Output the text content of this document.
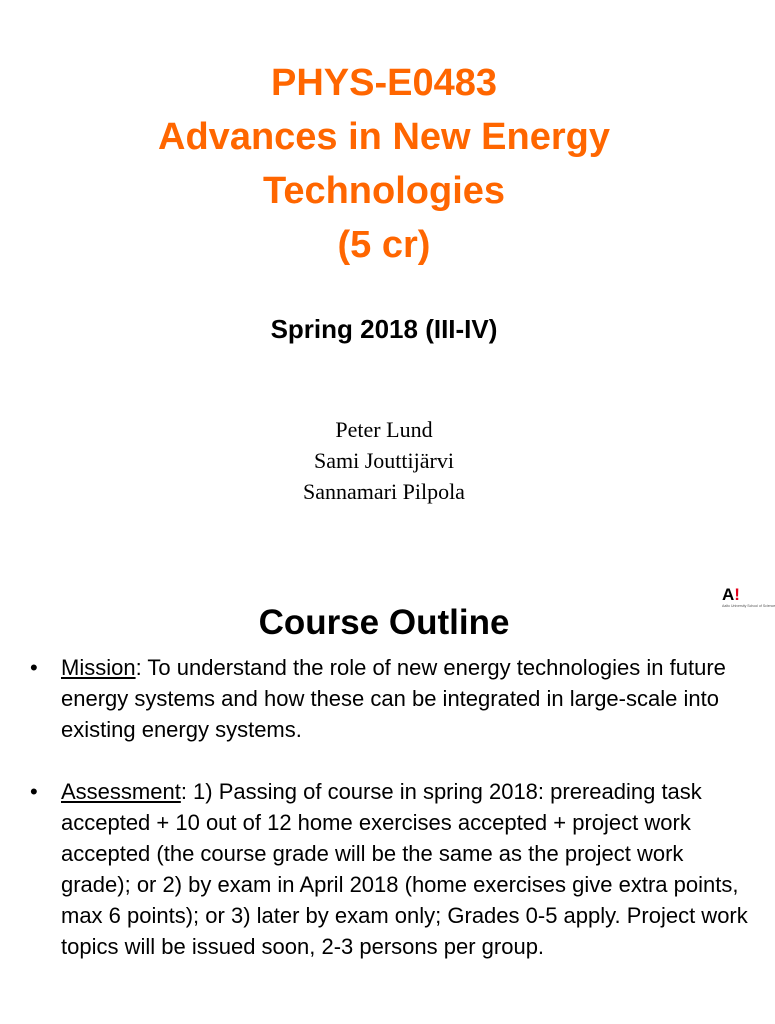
PHYS-E0483
Advances in New Energy
Technologies
(5 cr)
Spring 2018 (III-IV)
Peter Lund
Sami Jouttijärvi
Sannamari Pilpola
A!
Aalto University School of Science
Course Outline
• Mission: To understand the role of new energy technologies in future energy systems and how these can be integrated in large-scale into existing energy systems.
• Assessment: 1) Passing of course in spring 2018: prereading task accepted + 10 out of 12 home exercises accepted + project work accepted (the course grade will be the same as the project work grade); or 2) by exam in April 2018 (home exercises give extra points, max 6 points); or 3) later by exam only; Grades 0-5 apply. Project work topics will be issued soon, 2-3 persons per group.
